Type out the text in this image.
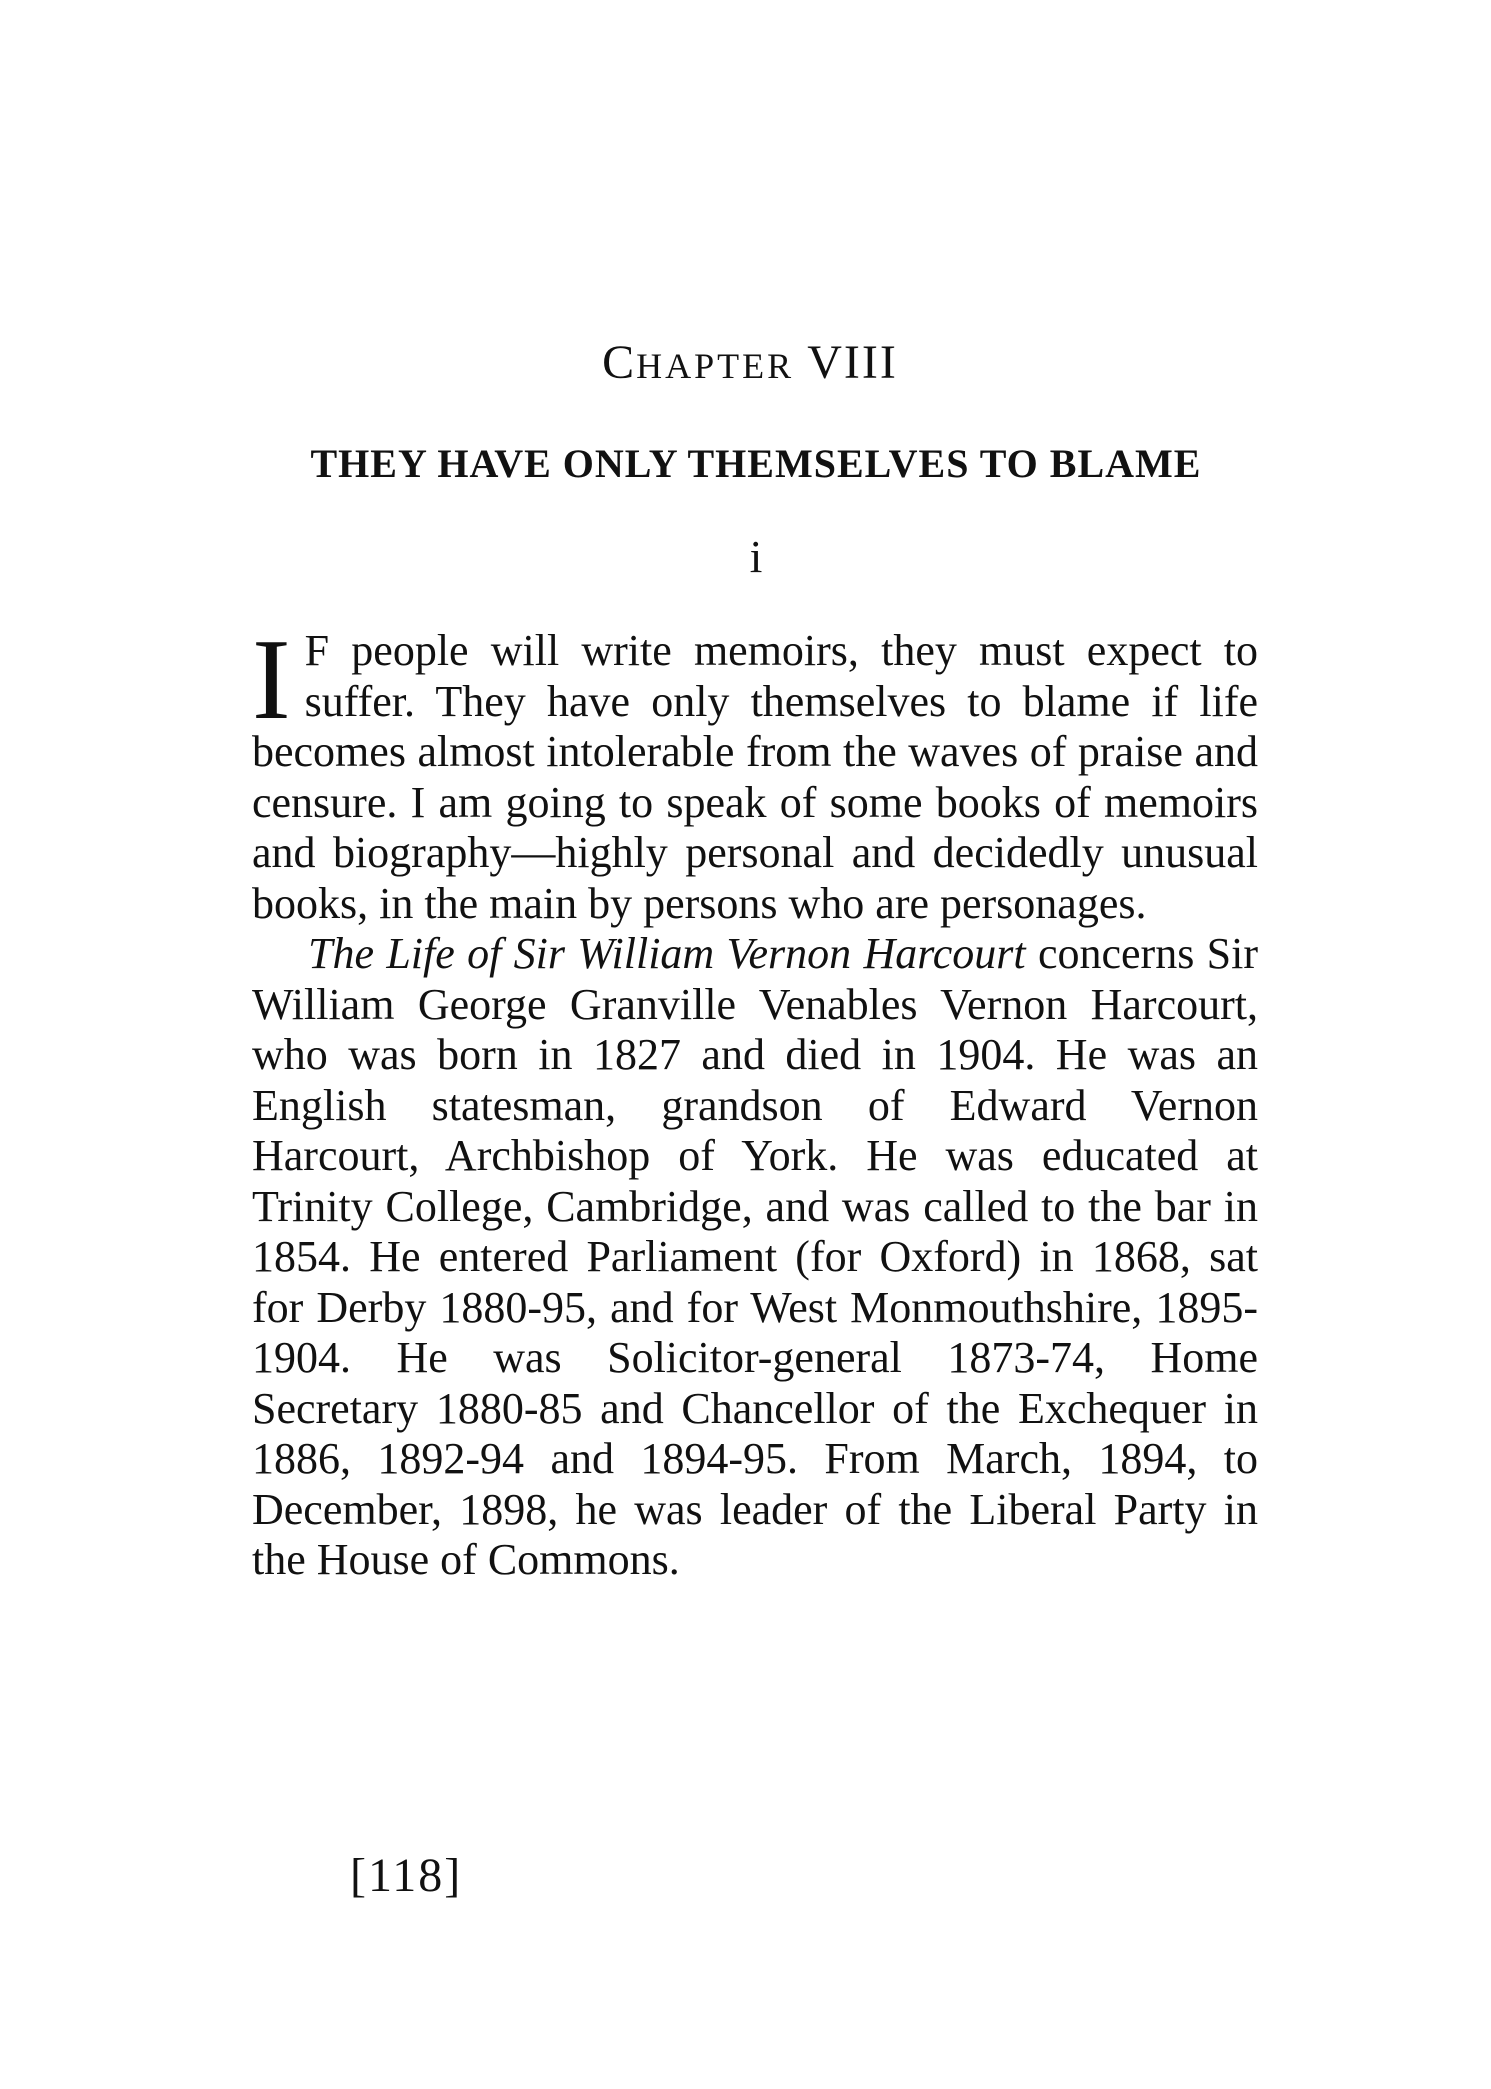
CHAPTER VIII
THEY HAVE ONLY THEMSELVES TO BLAME
i

I F people will write memoirs, they must expect to suffer. They have only themselves to blame if life becomes almost intolerable from the waves of praise and censure. I am going to speak of some books of memoirs and biography—highly personal and decidedly unusual books, in the main by persons who are personages.

The Life of Sir William Vernon Harcourt concerns Sir William George Granville Venables Vernon Harcourt, who was born in 1827 and died in 1904. He was an English statesman, grandson of Edward Vernon Harcourt, Archbishop of York. He was educated at Trinity College, Cambridge, and was called to the bar in 1854. He entered Parliament (for Oxford) in 1868, sat for Derby 1880-95, and for West Monmouthshire, 1895-1904. He was Solicitor-general 1873-74, Home Secretary 1880-85 and Chancellor of the Exchequer in 1886, 1892-94 and 1894-95. From March, 1894, to December, 1898, he was leader of the Liberal Party in the House of Commons.

[118]
